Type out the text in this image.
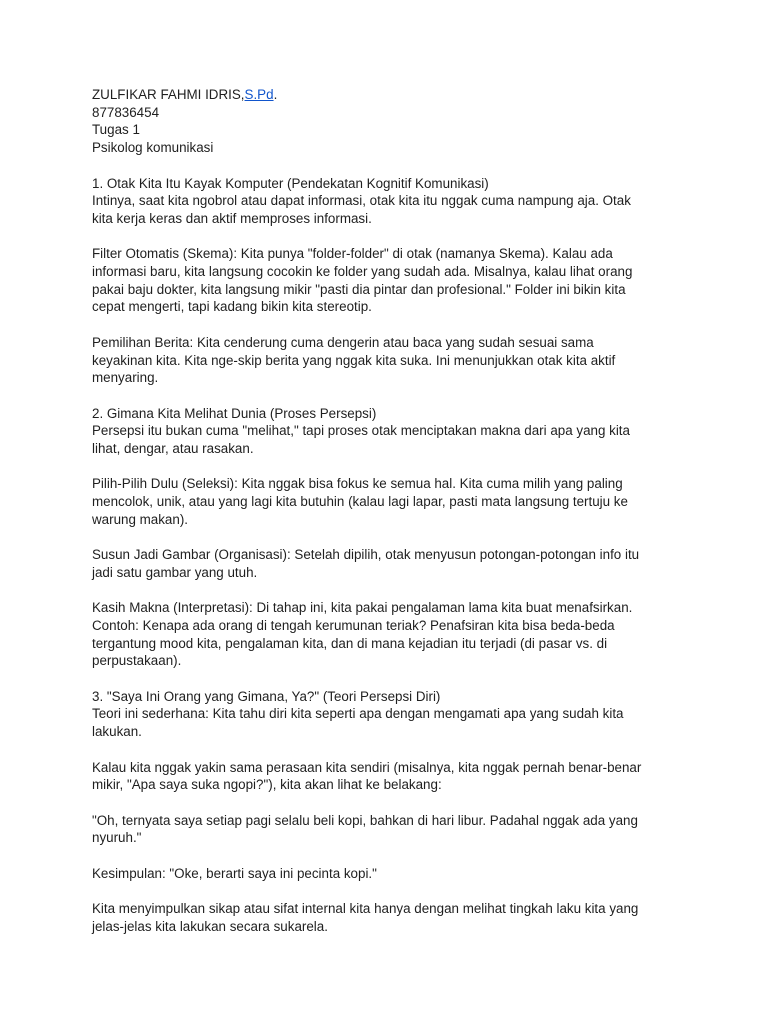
ZULFIKAR FAHMI IDRIS,S.Pd.
877836454
Tugas 1
Psikolog komunikasi
1. Otak Kita Itu Kayak Komputer (Pendekatan Kognitif Komunikasi)
Intinya, saat kita ngobrol atau dapat informasi, otak kita itu nggak cuma nampung aja. Otak
kita kerja keras dan aktif memproses informasi.
Filter Otomatis (Skema): Kita punya "folder-folder" di otak (namanya Skema). Kalau ada
informasi baru, kita langsung cocokin ke folder yang sudah ada. Misalnya, kalau lihat orang
pakai baju dokter, kita langsung mikir "pasti dia pintar dan profesional." Folder ini bikin kita
cepat mengerti, tapi kadang bikin kita stereotip.
Pemilihan Berita: Kita cenderung cuma dengerin atau baca yang sudah sesuai sama
keyakinan kita. Kita nge-skip berita yang nggak kita suka. Ini menunjukkan otak kita aktif
menyaring.
2. Gimana Kita Melihat Dunia (Proses Persepsi)
Persepsi itu bukan cuma "melihat," tapi proses otak menciptakan makna dari apa yang kita
lihat, dengar, atau rasakan.
Pilih-Pilih Dulu (Seleksi): Kita nggak bisa fokus ke semua hal. Kita cuma milih yang paling
mencolok, unik, atau yang lagi kita butuhin (kalau lagi lapar, pasti mata langsung tertuju ke
warung makan).
Susun Jadi Gambar (Organisasi): Setelah dipilih, otak menyusun potongan-potongan info itu
jadi satu gambar yang utuh.
Kasih Makna (Interpretasi): Di tahap ini, kita pakai pengalaman lama kita buat menafsirkan.
Contoh: Kenapa ada orang di tengah kerumunan teriak? Penafsiran kita bisa beda-beda
tergantung mood kita, pengalaman kita, dan di mana kejadian itu terjadi (di pasar vs. di
perpustakaan).
3. "Saya Ini Orang yang Gimana, Ya?" (Teori Persepsi Diri)
Teori ini sederhana: Kita tahu diri kita seperti apa dengan mengamati apa yang sudah kita
lakukan.
Kalau kita nggak yakin sama perasaan kita sendiri (misalnya, kita nggak pernah benar-benar
mikir, "Apa saya suka ngopi?"), kita akan lihat ke belakang:
"Oh, ternyata saya setiap pagi selalu beli kopi, bahkan di hari libur. Padahal nggak ada yang
nyuruh."
Kesimpulan: "Oke, berarti saya ini pecinta kopi."
Kita menyimpulkan sikap atau sifat internal kita hanya dengan melihat tingkah laku kita yang
jelas-jelas kita lakukan secara sukarela.
